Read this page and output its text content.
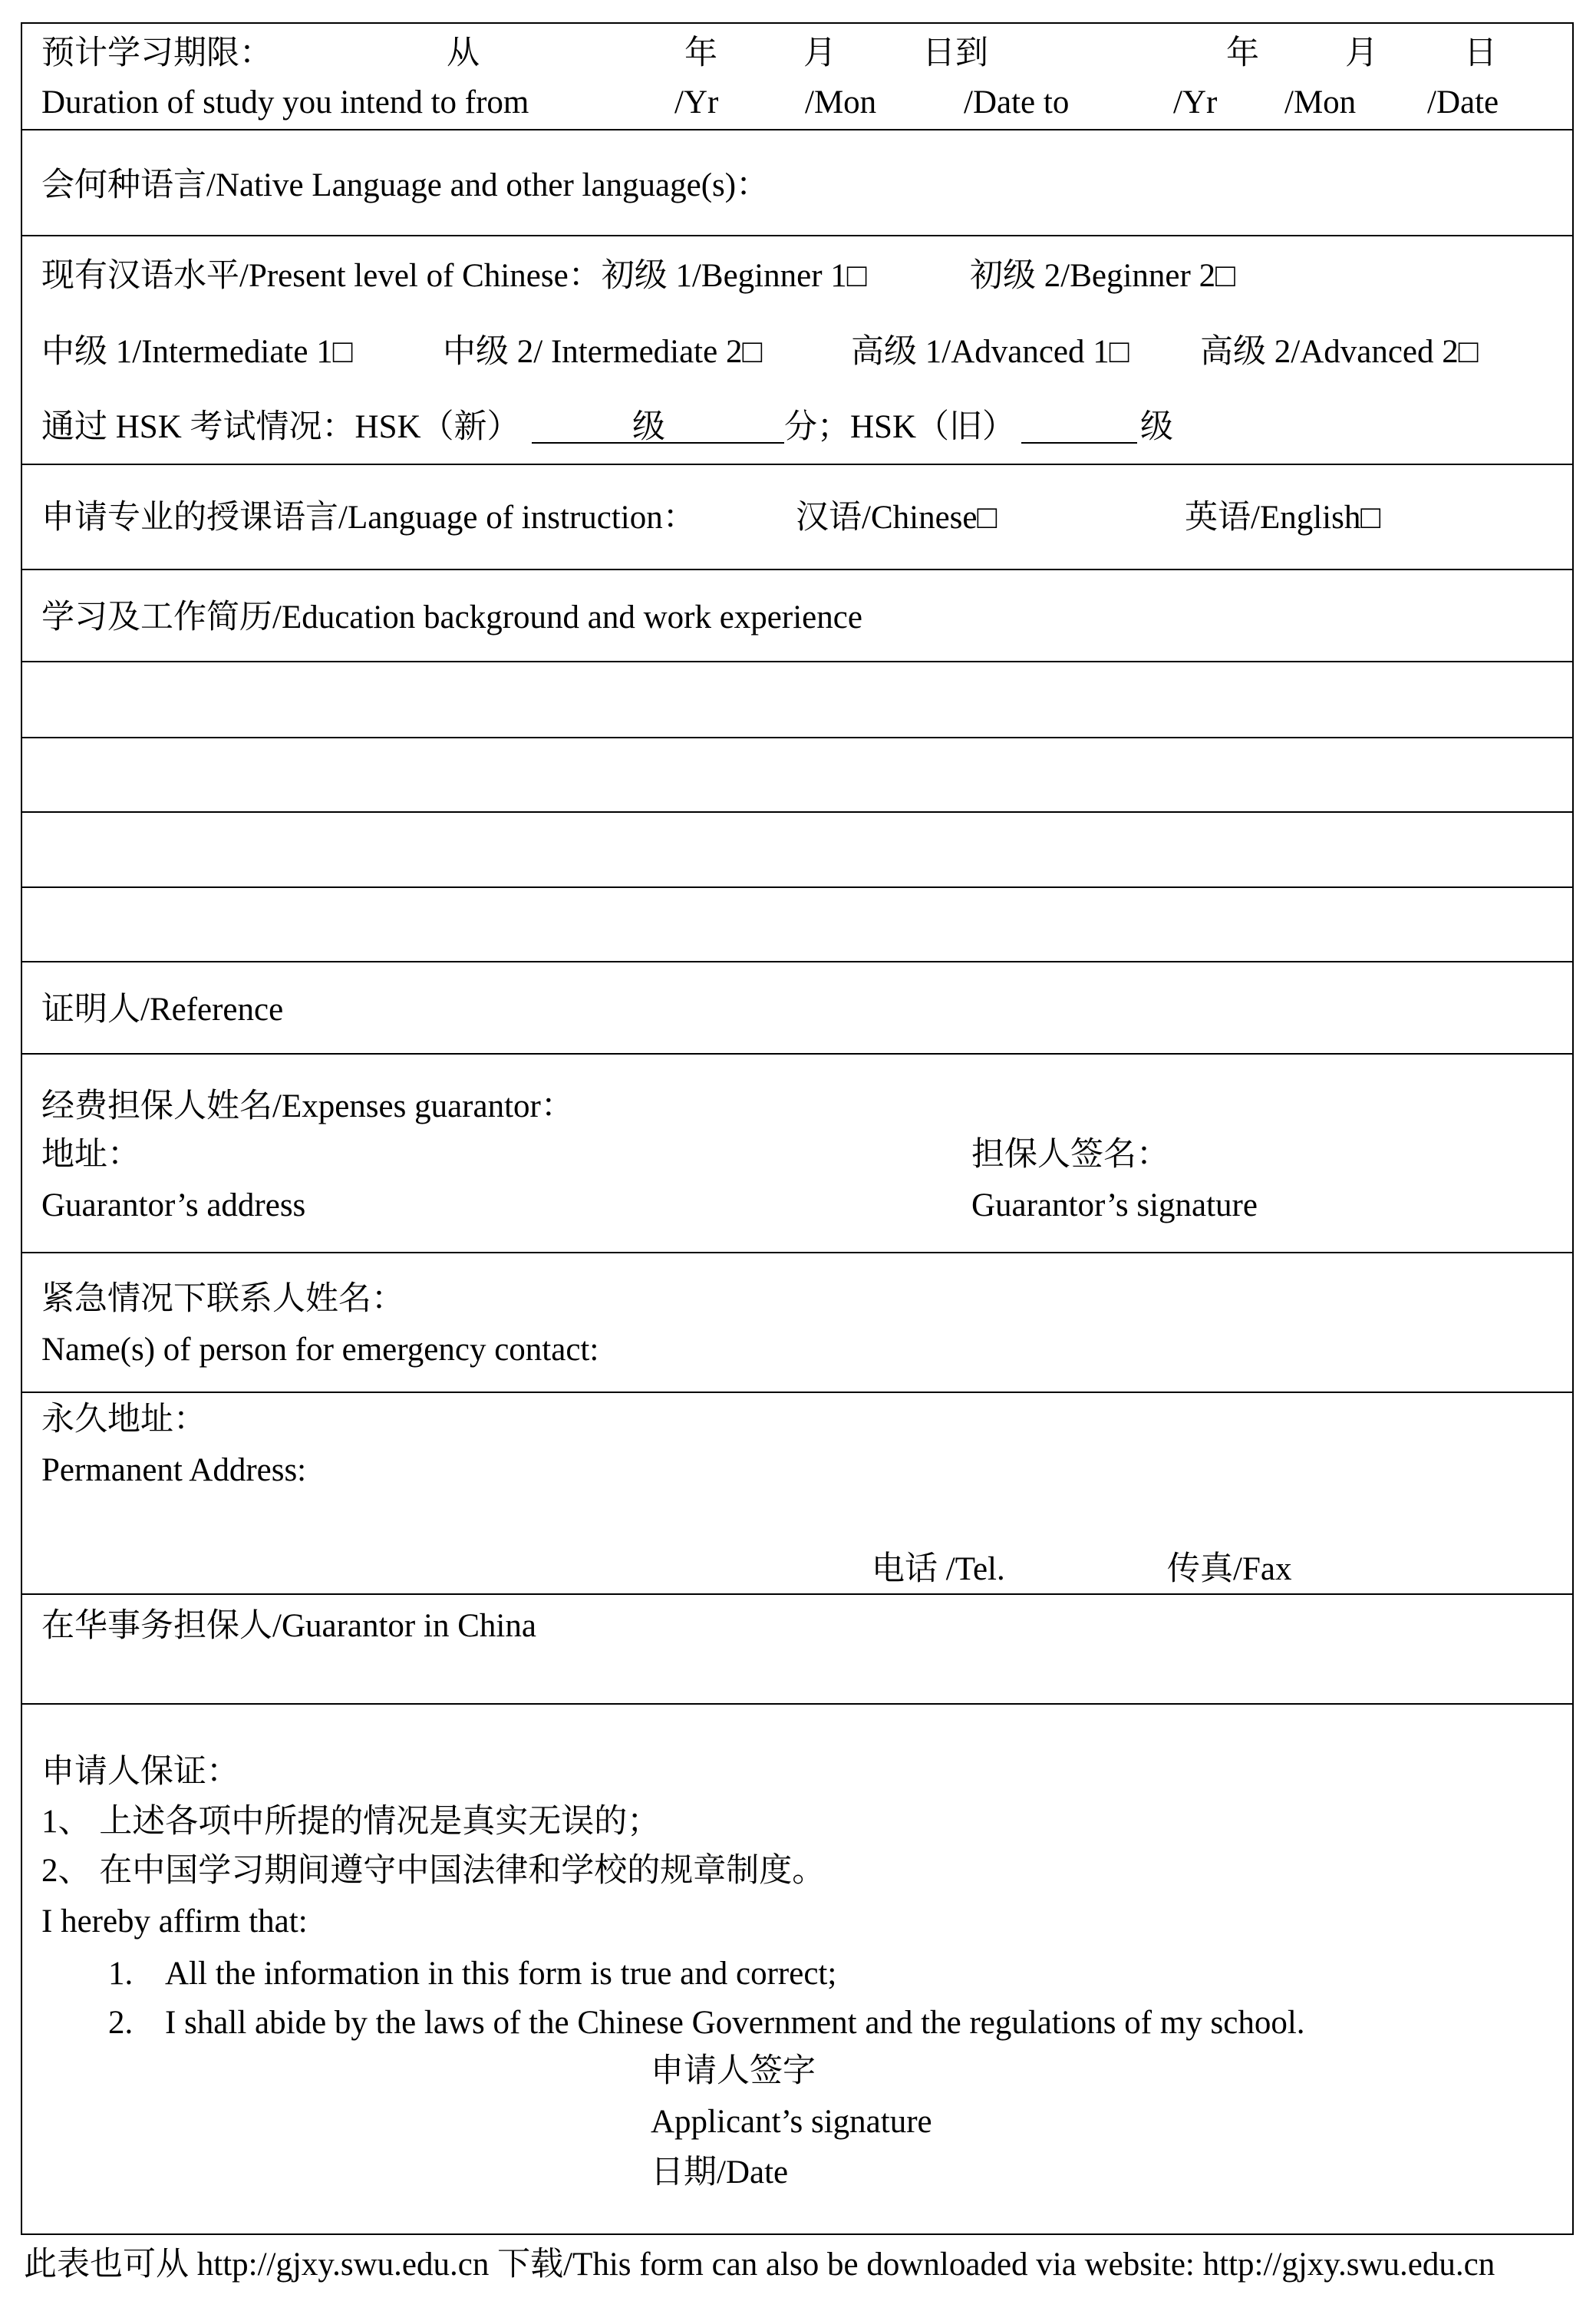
预计学习期限：	从	年	月	日到	年	月	日
Duration of study you intend to from	/Yr	/Mon	/Date to	/Yr /Mon /Date
会何种语言/Native Language and other language(s)：
现有汉语水平/Present level of Chinese：初级 1/Beginner 1□	初级 2/Beginner 2□
中级 1/Intermediate 1□	中级 2/ Intermediate 2□	高级 1/Advanced 1□ 高级 2/Advanced 2□
通过 HSK 考试情况：HSK（新）	级	分；HSK（旧）	级
申请专业的授课语言/Language of instruction：	汉语/Chinese□	英语/English□
学习及工作简历/Education background and work experience
证明人/Reference
经费担保人姓名/Expenses guarantor：
地址：	担保人签名：
Guarantor’s address	Guarantor’s signature
紧急情况下联系人姓名：
Name(s) of person for emergency contact:
永久地址：
Permanent Address:
电话 /Tel.	传真/Fax
在华事务担保人/Guarantor in China
申请人保证：
1、 上述各项中所提的情况是真实无误的；
2、 在中国学习期间遵守中国法律和学校的规章制度。
I hereby affirm that:
1. All the information in this form is true and correct;
2. I shall abide by the laws of the Chinese Government and the regulations of my school.
申请人签字
Applicant’s signature
日期/Date
此表也可从 http://gjxy.swu.edu.cn 下载/This form can also be downloaded via website: http://gjxy.swu.edu.cn
